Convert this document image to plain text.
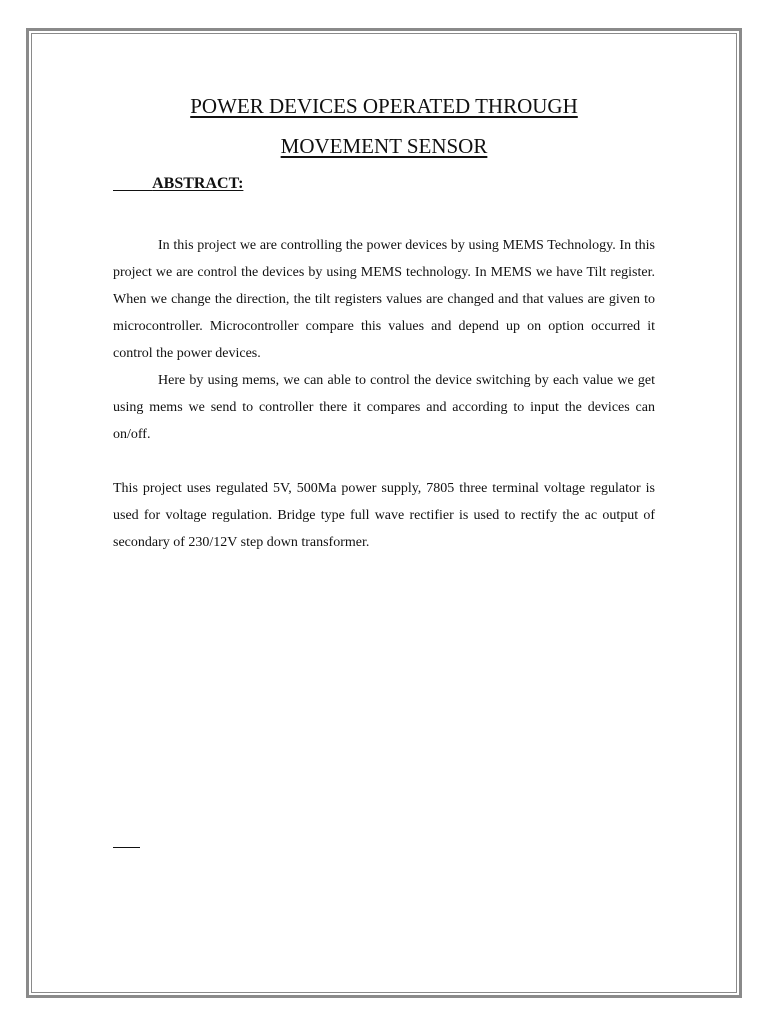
POWER DEVICES OPERATED THROUGH
MOVEMENT SENSOR
ABSTRACT:

In this project we are controlling the power devices by using MEMS Technology. In this project we are control the devices by using MEMS technology. In MEMS we have Tilt register. When we change the direction, the tilt registers values are changed and that values are given to microcontroller. Microcontroller compare this values and depend up on option occurred it control the power devices.

Here by using mems, we can able to control the device switching by each value we get using mems we send to controller there it compares and according to input the devices can on/off.

This project uses regulated 5V, 500Ma power supply, 7805 three terminal voltage regulator is used for voltage regulation. Bridge type full wave rectifier is used to rectify the ac output of secondary of 230/12V step down transformer.
